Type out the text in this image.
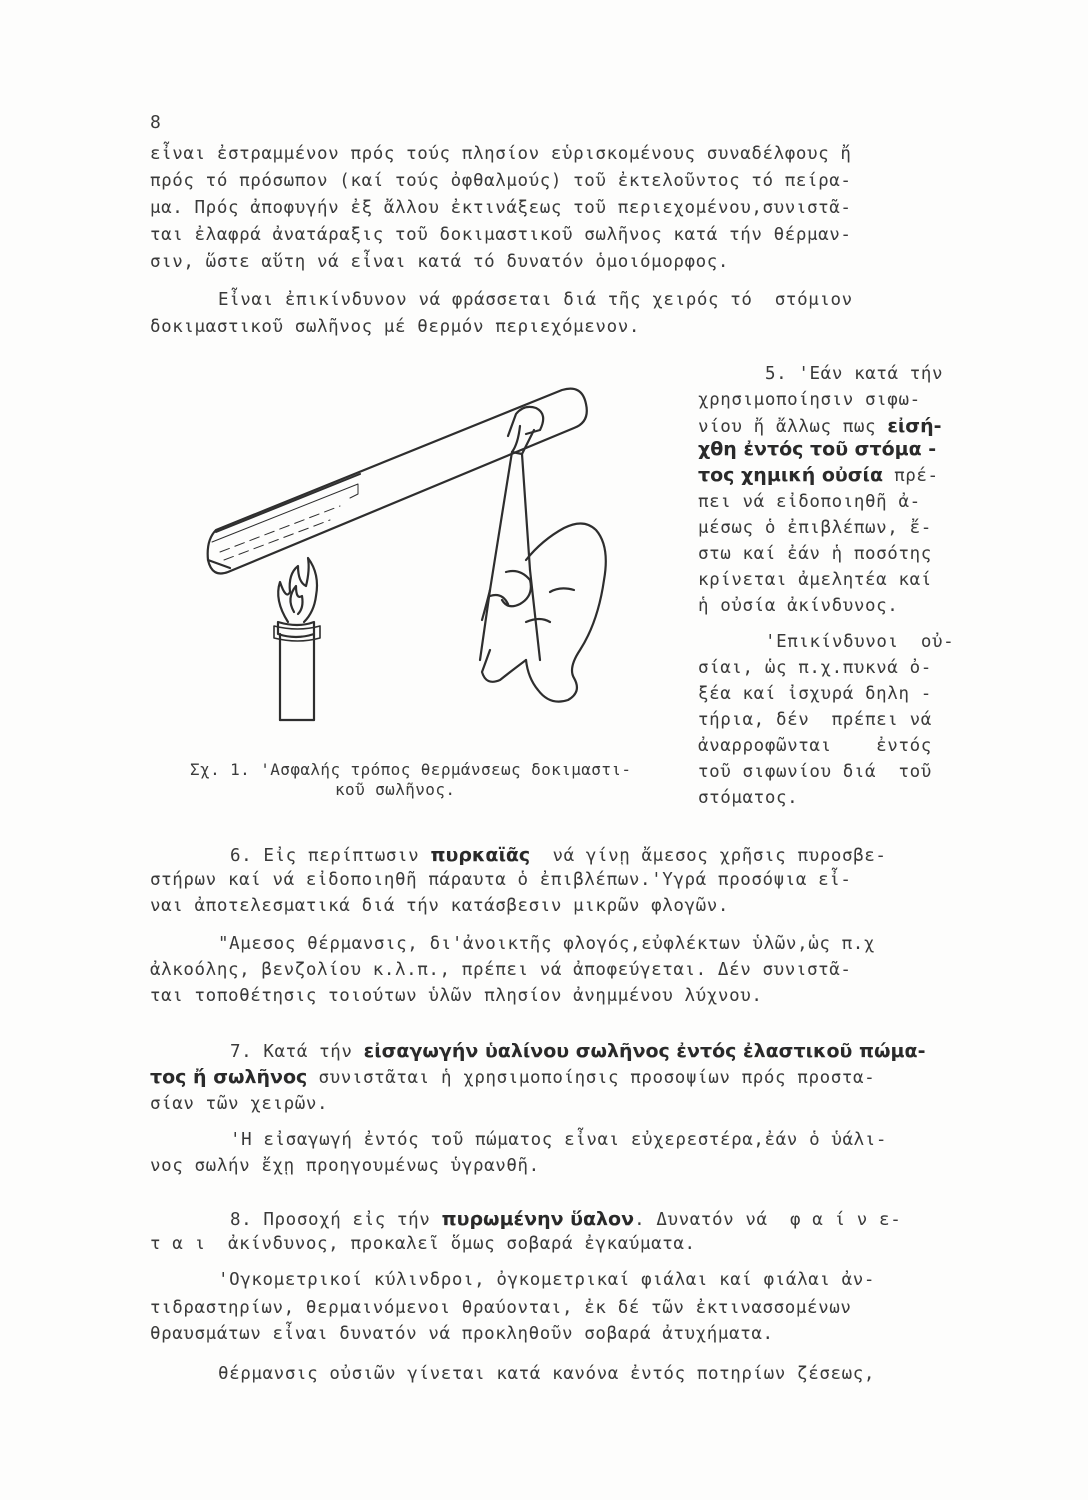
8
εἶναι ἐστραμμένον πρός τούς πλησίον εὑρισκομένους συναδέλφους ἤ
πρός τό πρόσωπον (καί τούς ὀφθαλμούς) τοῦ ἐκτελοῦντος τό πείρα-
μα. Πρός ἀποφυγήν ἐξ ἄλλου ἐκτινάξεως τοῦ περιεχομένου,συνιστᾶ-
ται ἐλαφρά ἀνατάραξις τοῦ δοκιμαστικοῦ σωλῆνος κατά τήν θέρμαν-
σιν, ὥστε αὕτη νά εἶναι κατά τό δυνατόν ὁμοιόμορφος.
Εἶναι ἐπικίνδυνον νά φράσσεται διά τῆς χειρός τό  στόμιον
δοκιμαστικοῦ σωλῆνος μέ θερμόν περιεχόμενον.
5. 'Εάν κατά τήν
χρησιμοποίησιν σιφω-
νίου ἤ ἄλλως πως εἰσή-
χθη ἐντός τοῦ στόμα -
τος χημική οὐσία πρέ-
πει νά εἰδοποιηθῆ ἀ-
μέσως ὁ ἐπιβλέπων, ἔ-
στω καί ἐάν ἡ ποσότης
κρίνεται ἀμελητέα καί
ἡ οὐσία ἀκίνδυνος.
'Επικίνδυνοι  οὐ-
σίαι, ὡς π.χ.πυκνά ὀ-
ξέα καί ἰσχυρά δηλη -
τήρια, δέν  πρέπει νά
ἀναρροφῶνται    ἐντός
τοῦ σιφωνίου διά  τοῦ
στόματος.
Σχ. 1. 'Ασφαλής τρόπος θερμάνσεως δοκιμαστι-
κοῦ σωλῆνος.
6. Εἰς περίπτωσιν πυρκαϊᾶς  νά γίνῃ ἄμεσος χρῆσις πυροσβε-
στήρων καί νά εἰδοποιηθῆ πάραυτα ὁ ἐπιβλέπων.'Υγρά προσόψια εἶ-
ναι ἀποτελεσματικά διά τήν κατάσβεσιν μικρῶν φλογῶν.
"Αμεσος θέρμανσις, δι'ἀνοικτῆς φλογός,εὐφλέκτων ὑλῶν,ὡς π.χ
ἀλκοόλης, βενζολίου κ.λ.π., πρέπει νά ἀποφεύγεται. Δέν συνιστᾶ-
ται τοποθέτησις τοιούτων ὑλῶν πλησίον ἀνημμένου λύχνου.
7. Κατά τήν εἰσαγωγήν ὑαλίνου σωλῆνος ἐντός ἐλαστικοῦ πώμα-
τος ἤ σωλῆνος συνιστᾶται ἡ χρησιμοποίησις προσοψίων πρός προστα-
σίαν τῶν χειρῶν.
'Η εἰσαγωγή ἐντός τοῦ πώματος εἶναι εὐχερεστέρα,ἐάν ὁ ὑάλι-
νος σωλήν ἔχῃ προηγουμένως ὑγρανθῆ.
8. Προσοχή εἰς τήν πυρωμένην ὕαλον. Δυνατόν νά  φ α ί ν ε-
τ α ι  ἀκίνδυνος, προκαλεῖ ὅμως σοβαρά ἐγκαύματα.
'Ογκομετρικοί κύλινδροι, ὀγκομετρικαί φιάλαι καί φιάλαι ἀν-
τιδραστηρίων, θερμαινόμενοι θραύονται, ἐκ δέ τῶν ἐκτινασσομένων
θραυσμάτων εἶναι δυνατόν νά προκληθοῦν σοβαρά ἀτυχήματα.
θέρμανσις οὐσιῶν γίνεται κατά κανόνα ἐντός ποτηρίων ζέσεως,
